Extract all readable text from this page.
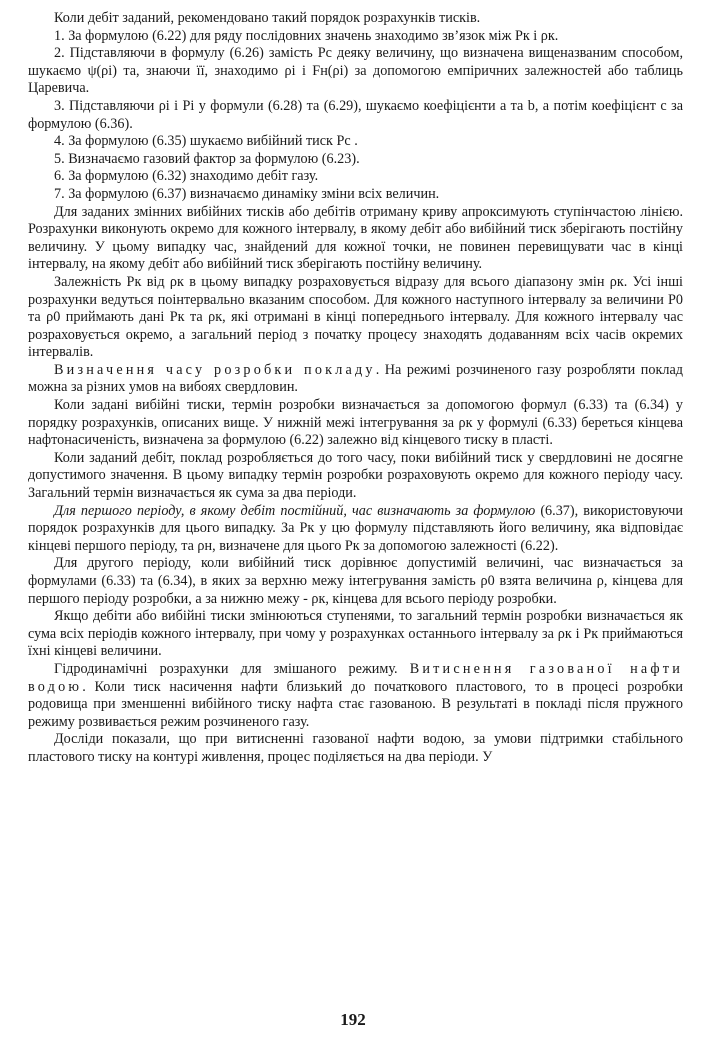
Коли дебіт заданий, рекомендовано такий порядок розрахунків тисків.

1. За формулою (6.22) для ряду послідовних значень знаходимо зв’язок між Pк і ρк.

2. Підставляючи в формулу (6.26) замість Pc деяку величину, що визначена вищеназваним способом, шукаємо ψ(ρі) та, знаючи її, знаходимо ρі і Fн(ρі) за допомогою емпіричних залежностей або таблиць Царевича.

3. Підставляючи ρі і Pі у формули (6.28) та (6.29), шукаємо коефіцієнти a та b, а потім коефіцієнт c за формулою (6.36).

4. За формулою (6.35) шукаємо вибійний тиск Pc .

5. Визначаємо газовий фактор за формулою (6.23).

6. За формулою (6.32) знаходимо дебіт газу.

7. За формулою (6.37) визначаємо динаміку зміни всіх величин.

Для заданих змінних вибійних тисків або дебітів отриману криву апроксимують ступінчастою лінією. Розрахунки виконують окремо для кожного інтервалу, в якому дебіт або вибійний тиск зберігають постійну величину. У цьому випадку час, знайдений для кожної точки, не повинен перевищувати час в кінці інтервалу, на якому дебіт або вибійний тиск зберігають постійну величину.

Залежність Pк від ρк в цьому випадку розраховується відразу для всього діапазону змін ρк. Усі інші розрахунки ведуться поінтервально вказаним способом. Для кожного наступного інтервалу за величини P0 та ρ0 приймають дані Pк та ρк, які отримані в кінці попереднього інтервалу. Для кожного інтервалу час розраховується окремо, а загальний період з початку процесу знаходять додаванням всіх часів окремих інтервалів.

Визначення часу розробки покладу. На режимі розчиненого газу розробляти поклад можна за різних умов на вибоях свердловин.

Коли задані вибійні тиски, термін розробки визначається за допомогою формул (6.33) та (6.34) у порядку розрахунків, описаних вище. У нижній межі інтегрування за ρк у формулі (6.33) береться кінцева нафтонасиченість, визначена за формулою (6.22) залежно від кінцевого тиску в пласті.

Коли заданий дебіт, поклад розробляється до того часу, поки вибійний тиск у свердловині не досягне допустимого значення. В цьому випадку термін розробки розраховують окремо для кожного періоду часу. Загальний термін визначається як сума за два періоди.

Для першого періоду, в якому дебіт постійний, час визначають за формулою (6.37), використовуючи порядок розрахунків для цього випадку. За Pк у цю формулу підставляють його величину, яка відповідає кінцеві першого періоду, та ρн, визначене для цього Pк за допомогою залежності (6.22).

Для другого періоду, коли вибійний тиск дорівнює допустимій величині, час визначається за формулами (6.33) та (6.34), в яких за верхню межу інтегрування замість ρ0 взята величина ρ, кінцева для першого періоду розробки, а за нижню межу - ρк, кінцева для всього періоду розробки.

Якщо дебіти або вибійні тиски змінюються ступенями, то загальний термін розробки визначається як сума всіх періодів кожного інтервалу, при чому у розрахунках останнього інтервалу за ρк і Pк приймаються їхні кінцеві величини.

Гідродинамічні розрахунки для змішаного режиму. Витиснення газованої нафти водою. Коли тиск насичення нафти близький до початкового пластового, то в процесі розробки родовища при зменшенні вибійного тиску нафта стає газованою. В результаті в покладі після пружного режиму розвивається режим розчиненого газу.

Досліди показали, що при витисненні газованої нафти водою, за умови підтримки стабільного пластового тиску на контурі живлення, процес поділяється на два періоди. У

192
